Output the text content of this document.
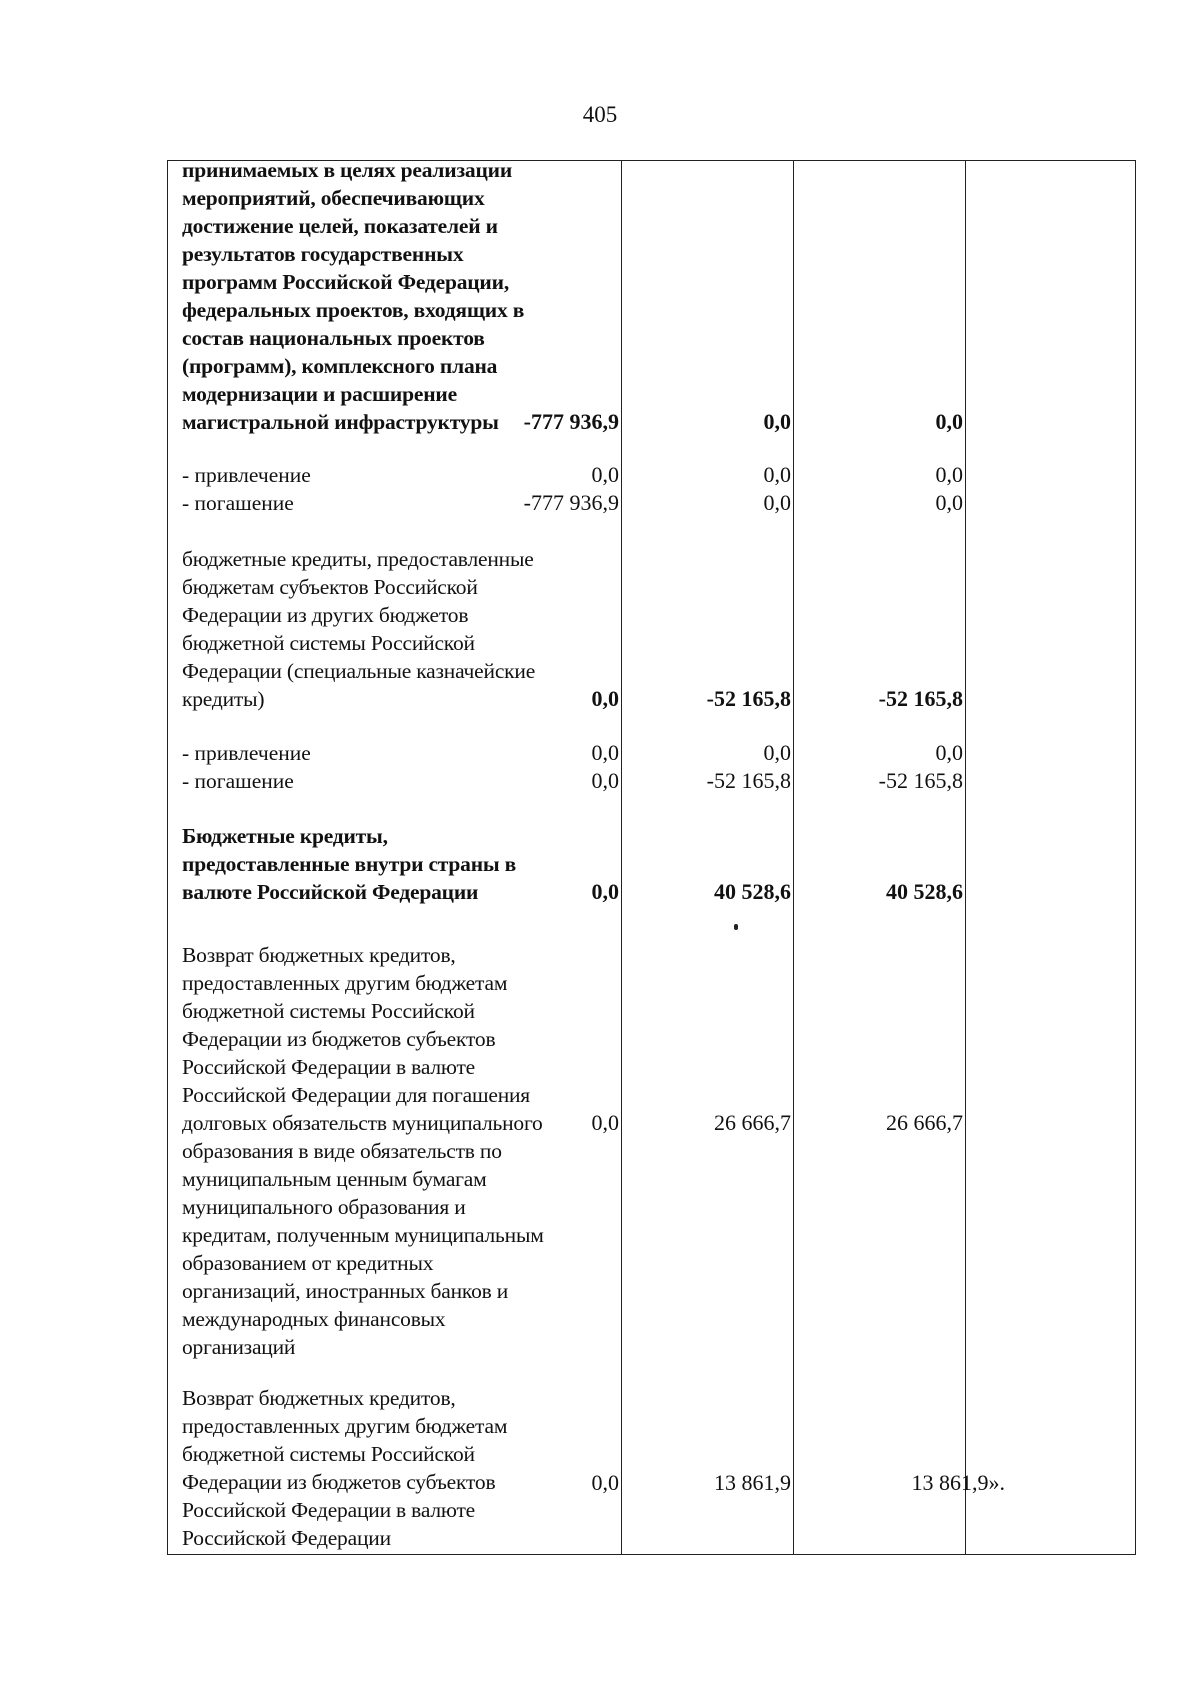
405
принимаемых в целях реализации
мероприятий, обеспечивающих
достижение целей, показателей и
результатов государственных
программ Российской Федерации,
федеральных проектов, входящих в
состав национальных проектов
(программ), комплексного плана
модернизации и расширение
магистральной инфраструктуры	-777 936,9	0,0	0,0
- привлечение	0,0	0,0	0,0
- погашение	-777 936,9	0,0	0,0
бюджетные кредиты, предоставленные
бюджетам субъектов Российской
Федерации из других бюджетов
бюджетной системы Российской
Федерации (специальные казначейские
кредиты)	0,0	-52 165,8	-52 165,8
- привлечение	0,0	0,0	0,0
- погашение	0,0	-52 165,8	-52 165,8
Бюджетные кредиты,
предоставленные внутри страны в
валюте Российской Федерации	0,0	40 528,6	40 528,6
Возврат бюджетных кредитов,
предоставленных другим бюджетам
бюджетной системы Российской
Федерации из бюджетов субъектов
Российской Федерации в валюте
Российской Федерации для погашения
долговых обязательств муниципального
образования в виде обязательств по
муниципальным ценным бумагам
муниципального образования и
кредитам, полученным муниципальным
образованием от кредитных
организаций, иностранных банков и
международных финансовых
организаций
0,0	26 666,7	26 666,7
Возврат бюджетных кредитов,
предоставленных другим бюджетам
бюджетной системы Российской
Федерации из бюджетов субъектов
Российской Федерации в валюте
Российской Федерации
0,0	13 861,9	13 861,9».
